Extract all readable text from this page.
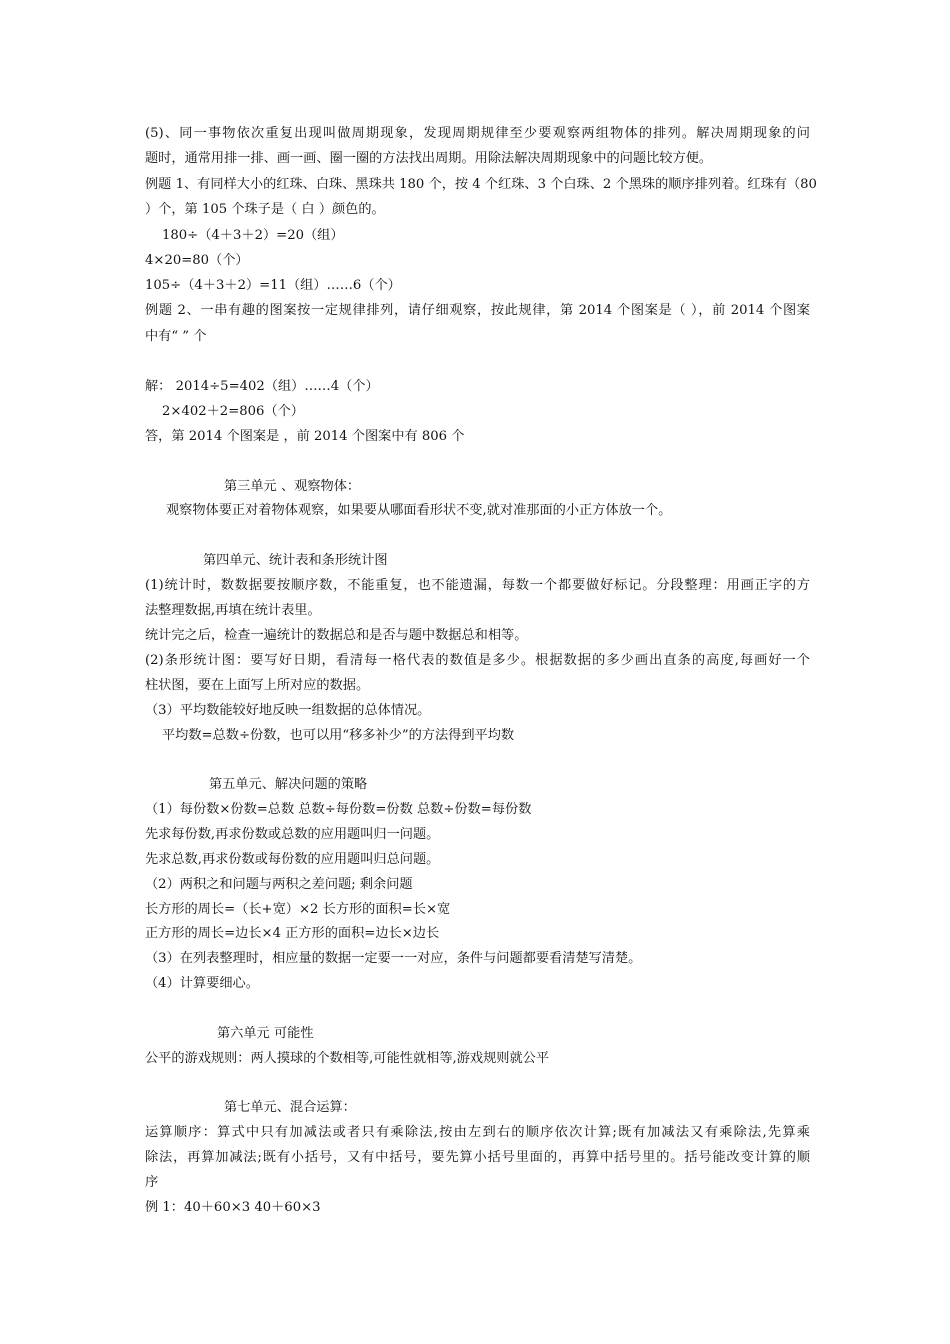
(5)、同一事物依次重复出现叫做周期现象，发现周期规律至少要观察两组物体的排列。解决周期现象的问
题时，通常用排一排、画一画、圈一圈的方法找出周期。用除法解决周期现象中的问题比较方便。
例题 1、有同样大小的红珠、白珠、黑珠共 180 个，按 4 个红珠、3 个白珠、2 个黑珠的顺序排列着。红珠有（80
）个，第 105 个珠子是（ 白 ）颜色的。
180÷（4＋3＋2）=20（组）
4×20=80（个）
105÷（4＋3＋2）=11（组）……6（个）
例题 2、一串有趣的图案按一定规律排列，请仔细观察，按此规律，第 2014 个图案是（ ），前 2014 个图案
中有“ ” 个
解： 2014÷5=402（组）……4（个）
2×402＋2=806（个）
答，第 2014 个图案是 ，前 2014 个图案中有 806 个
第三单元 、观察物体：
观察物体要正对着物体观察，如果要从哪面看形状不变,就对准那面的小正方体放一个。
第四单元、统计表和条形统计图
(1)统计时，数数据要按顺序数，不能重复，也不能遗漏，每数一个都要做好标记。分段整理：用画正字的方
法整理数据,再填在统计表里。
统计完之后，检查一遍统计的数据总和是否与题中数据总和相等。
(2)条形统计图：要写好日期，看清每一格代表的数值是多少。根据数据的多少画出直条的高度,每画好一个
柱状图，要在上面写上所对应的数据。
（3）平均数能较好地反映一组数据的总体情况。
平均数=总数÷份数，也可以用“移多补少”的方法得到平均数
第五单元、解决问题的策略
（1）每份数×份数=总数 总数÷每份数=份数 总数÷份数=每份数
先求每份数,再求份数或总数的应用题叫归一问题。
先求总数,再求份数或每份数的应用题叫归总问题。
（2）两积之和问题与两积之差问题; 剩余问题
长方形的周长=（长+宽）×2 长方形的面积=长×宽
正方形的周长=边长×4 正方形的面积=边长×边长
（3）在列表整理时，相应量的数据一定要一一对应，条件与问题都要看清楚写清楚。
（4）计算要细心。
第六单元 可能性
公平的游戏规则：两人摸球的个数相等,可能性就相等,游戏规则就公平
第七单元、混合运算：
运算顺序：算式中只有加减法或者只有乘除法,按由左到右的顺序依次计算;既有加减法又有乘除法,先算乘
除法，再算加减法;既有小括号，又有中括号，要先算小括号里面的，再算中括号里的。括号能改变计算的顺
序
例 1：40＋60×3 40＋60×3
